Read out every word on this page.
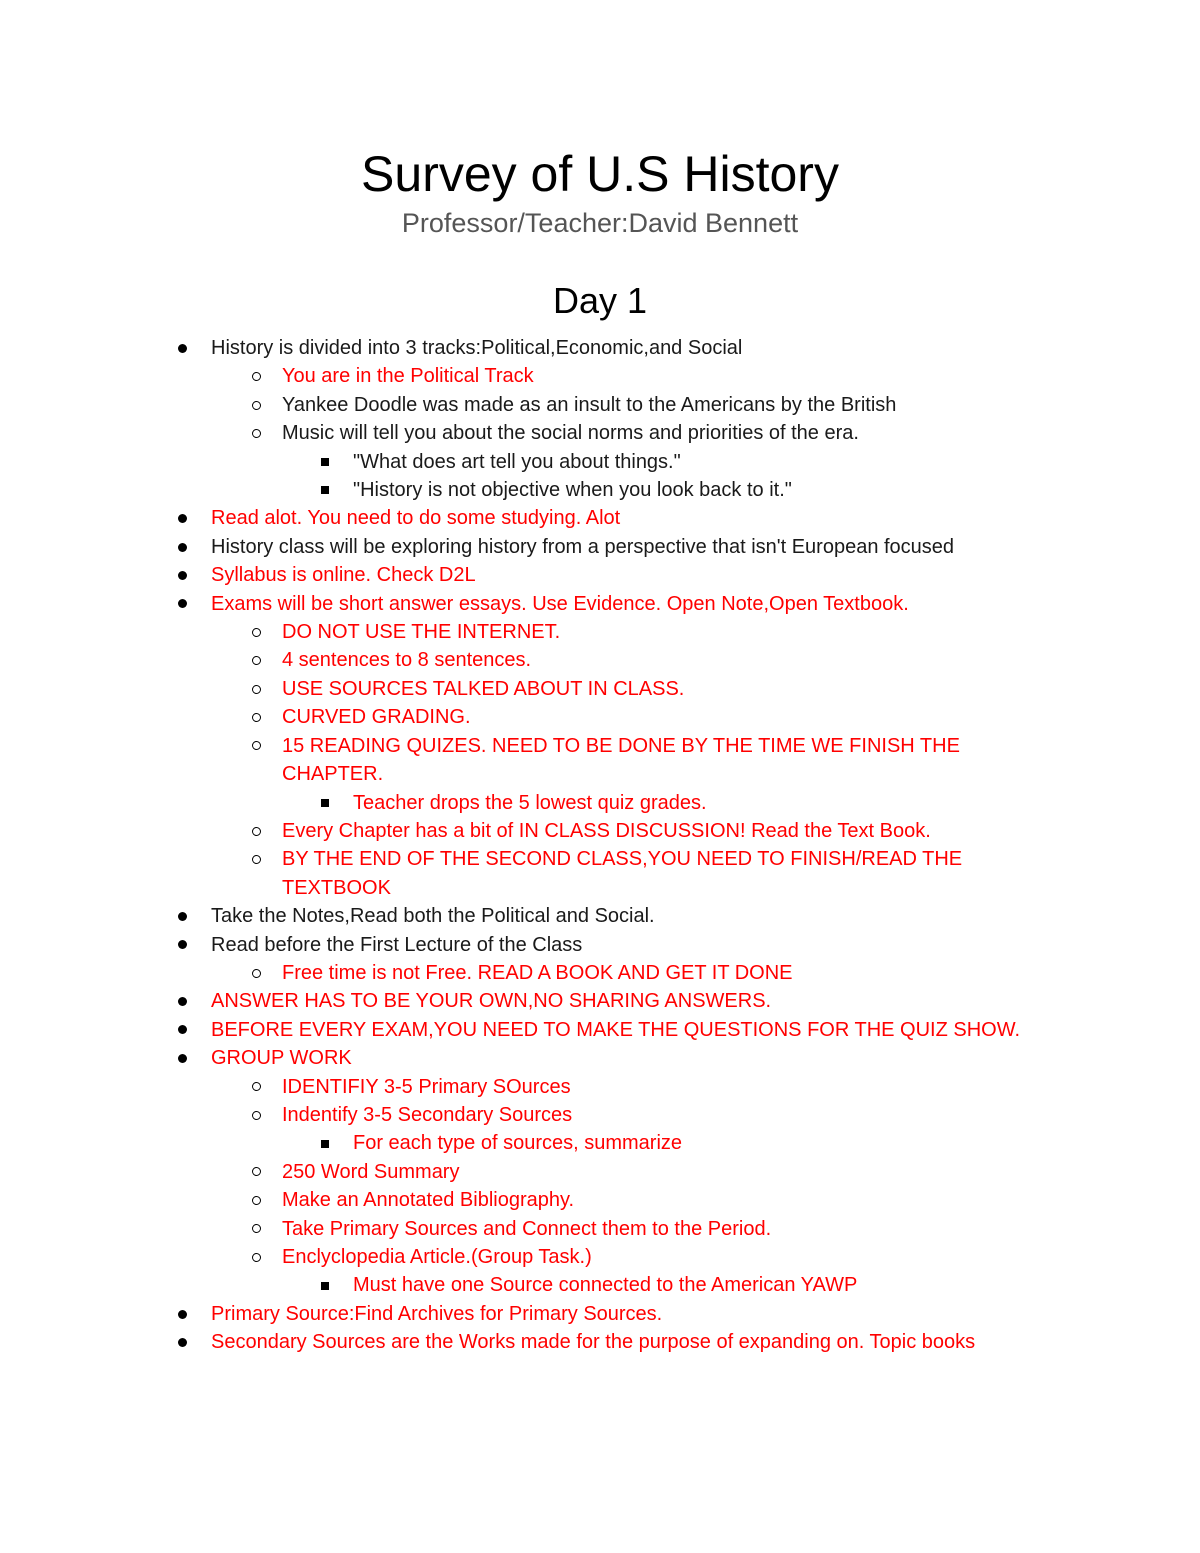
Survey of U.S History
Professor/Teacher:David Bennett
Day 1
History is divided into 3 tracks:Political,Economic,and Social
You are in the Political Track
Yankee Doodle was made as an insult to the Americans by the British
Music will tell you about the social norms and priorities of the era.
"What does art tell you about things."
"History is not objective when you look back to it."
Read alot. You need to do some studying. Alot
History class will be exploring history from a perspective that isn't European focused
Syllabus is online. Check D2L
Exams will be short answer essays. Use Evidence. Open Note,Open Textbook.
DO NOT USE THE INTERNET.
4 sentences to 8 sentences.
USE SOURCES TALKED ABOUT IN CLASS.
CURVED GRADING.
15 READING QUIZES. NEED TO BE DONE BY THE TIME WE FINISH THE CHAPTER.
Teacher drops the 5 lowest quiz grades.
Every Chapter has a bit of IN CLASS DISCUSSION! Read the Text Book.
BY THE END OF THE SECOND CLASS,YOU NEED TO FINISH/READ THE TEXTBOOK
Take the Notes,Read both the Political and Social.
Read before the First Lecture of the Class
Free time is not Free. READ A BOOK AND GET IT DONE
ANSWER HAS TO BE YOUR OWN,NO SHARING ANSWERS.
BEFORE EVERY EXAM,YOU NEED TO MAKE THE QUESTIONS FOR THE QUIZ SHOW.
GROUP WORK
IDENTIFIY 3-5 Primary SOurces
Indentify 3-5 Secondary Sources
For each type of sources, summarize
250 Word Summary
Make an Annotated Bibliography.
Take Primary Sources and Connect them to the Period.
Enclyclopedia Article.(Group Task.)
Must have one Source connected to the American YAWP
Primary Source:Find Archives for Primary Sources.
Secondary Sources are the Works made for the purpose of expanding on. Topic books
